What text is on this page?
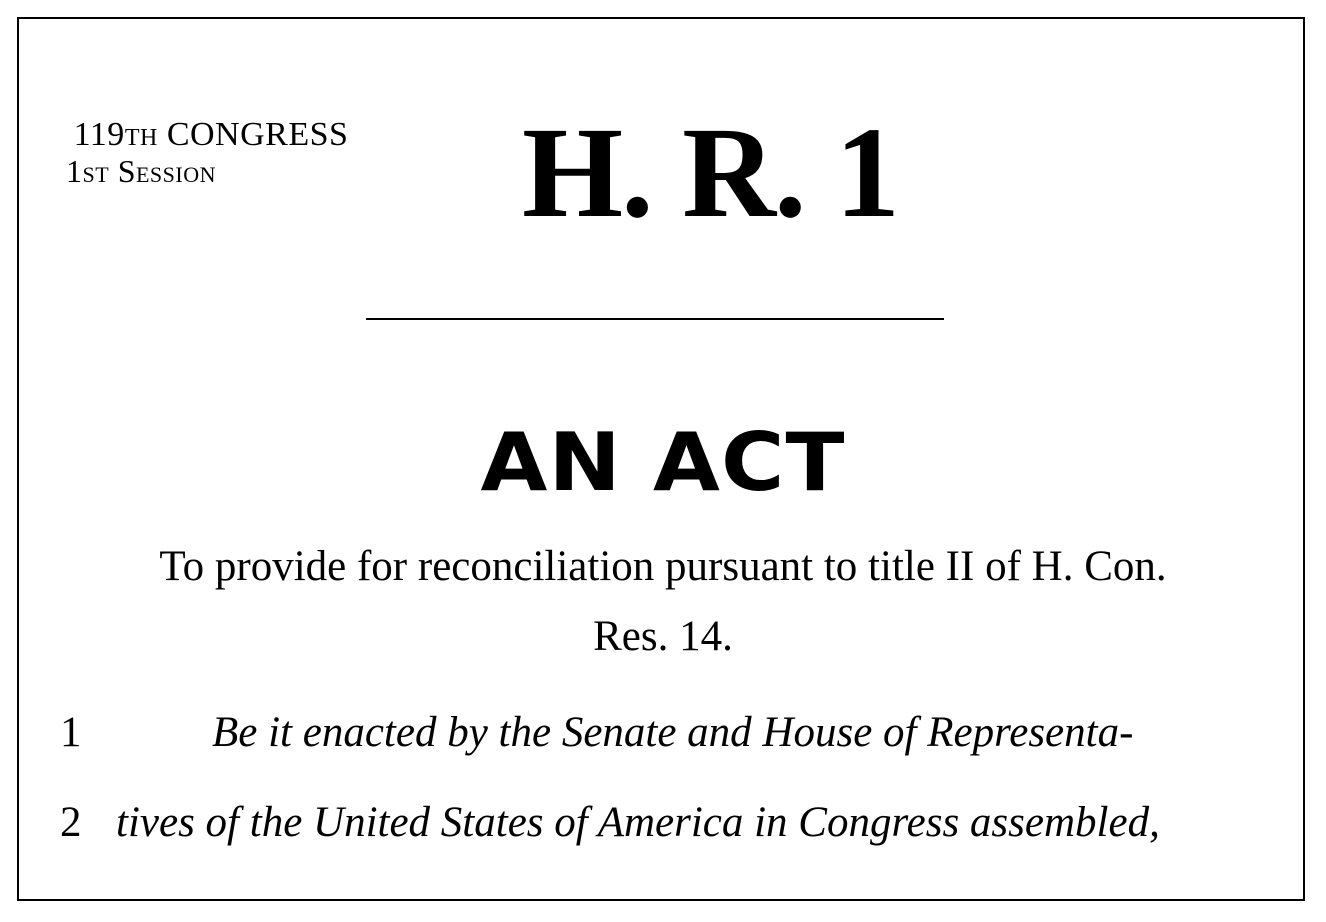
119th CONGRESS
1st Session	H. R. 1
AN ACT
To provide for reconciliation pursuant to title II of H. Con.
Res. 14.
1	Be it enacted by the Senate and House of Representa-
2 tives of the United States of America in Congress assembled,
